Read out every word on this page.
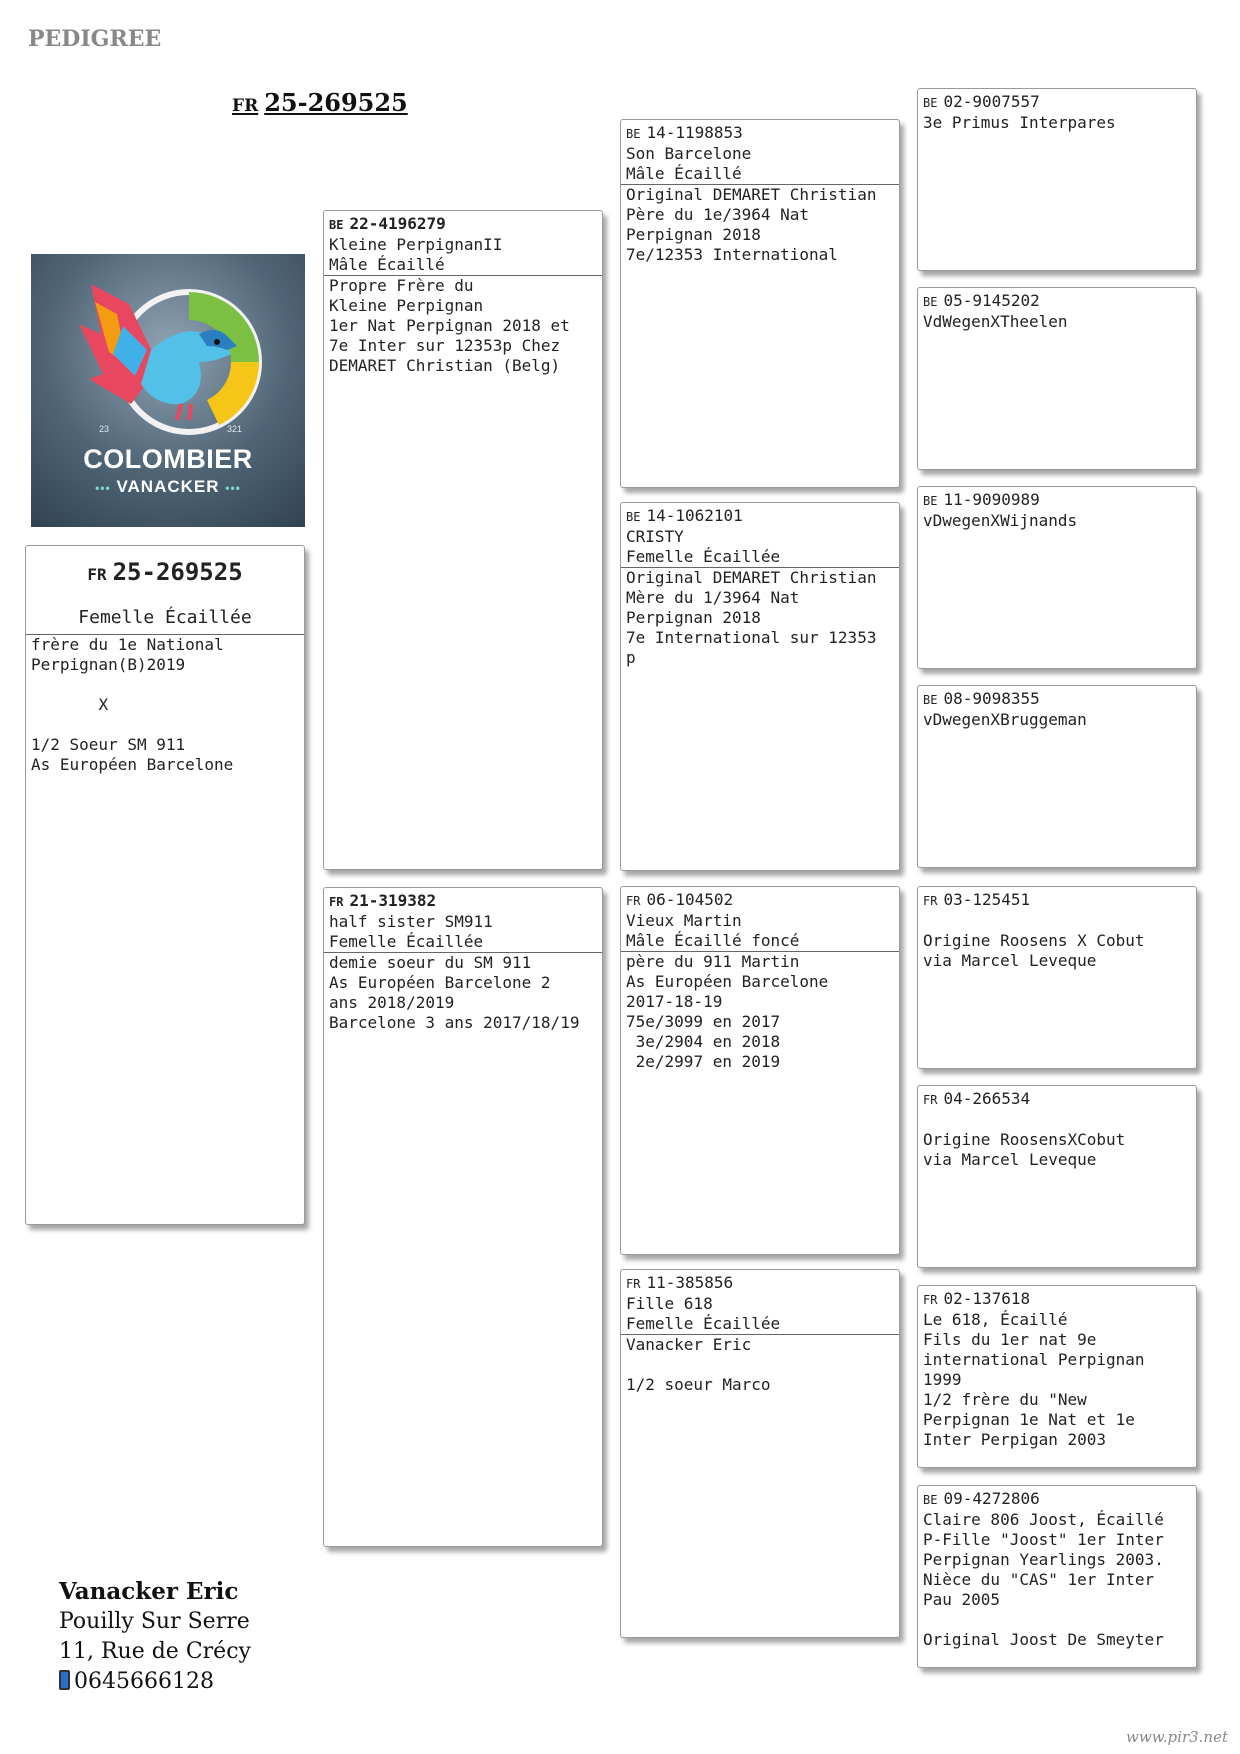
PEDIGREE
FR 25-269525
23	321
COLOMBIER
••• VANACKER •••
FR 25-269525
Femelle Écaillée
frère du 1e National
Perpignan(B)2019

X

1/2 Soeur SM 911
As Européen Barcelone
BE 22-4196279
Kleine PerpignanII
Mâle Écaillé
Propre Frère du
Kleine Perpignan
1er Nat Perpignan 2018 et
7e Inter sur 12353p Chez
DEMARET Christian (Belg)
FR 21-319382
half sister SM911
Femelle Écaillée
demie soeur du SM 911
As Européen Barcelone 2
ans 2018/2019
Barcelone 3 ans 2017/18/19
BE 14-1198853
Son Barcelone
Mâle Écaillé
Original DEMARET Christian
Père du 1e/3964 Nat
Perpignan 2018
7e/12353 International
BE 14-1062101
CRISTY
Femelle Écaillée
Original DEMARET Christian
Mère du 1/3964 Nat
Perpignan 2018
7e International sur 12353
p
FR 06-104502
Vieux Martin
Mâle Écaillé foncé
père du 911 Martin
As Européen Barcelone
2017-18-19
75e/3099 en 2017
3e/2904 en 2018
2e/2997 en 2019
FR 11-385856
Fille 618
Femelle Écaillée
Vanacker Eric

1/2 soeur Marco
BE 02-9007557
3e Primus Interpares
BE 05-9145202
VdWegenXTheelen
BE 11-9090989
vDwegenXWijnands
BE 08-9098355
vDwegenXBruggeman
FR 03-125451

Origine Roosens X Cobut
via Marcel Leveque
FR 04-266534

Origine RoosensXCobut
via Marcel Leveque
FR 02-137618
Le 618, Écaillé
Fils du 1er nat 9e
international Perpignan
1999
1/2 frère du "New
Perpignan 1e Nat et 1e
Inter Perpigan 2003
BE 09-4272806
Claire 806 Joost, Écaillé
P-Fille "Joost" 1er Inter
Perpignan Yearlings 2003.
Nièce du "CAS" 1er Inter
Pau 2005

Original Joost De Smeyter
Vanacker Eric
Pouilly Sur Serre
11, Rue de Crécy
0645666128
www.pir3.net
